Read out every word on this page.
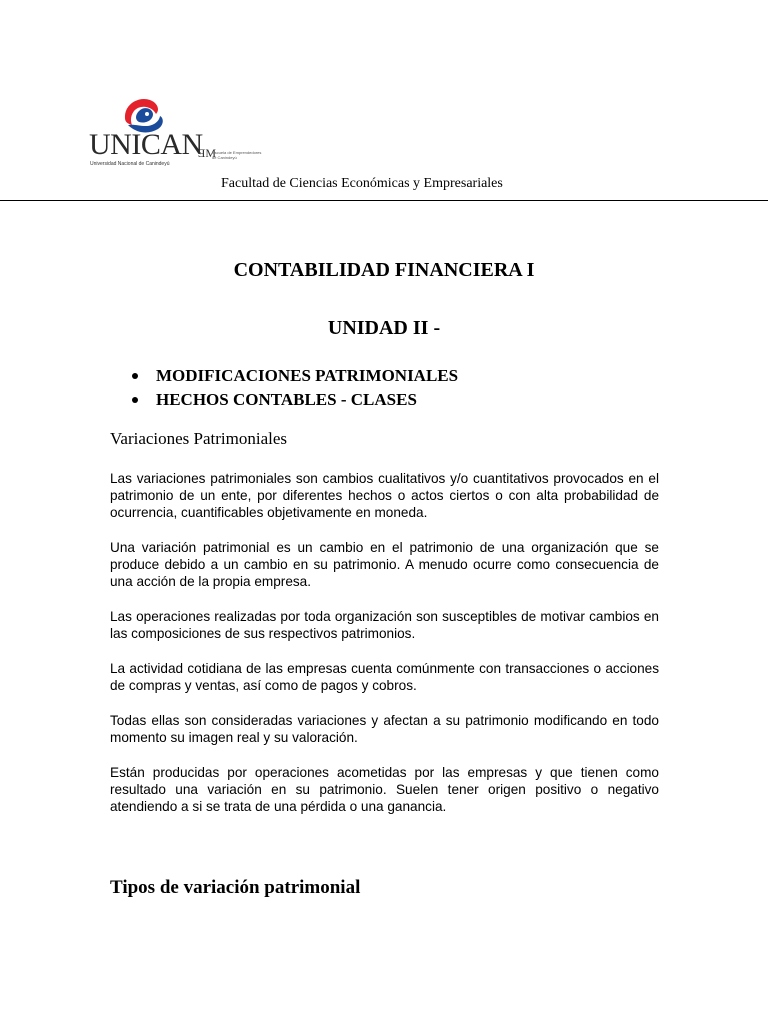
UNICAN
Universidad Nacional de Canindeyú
ƎM
Escuela de Emprendedores
de Canindeyú
Facultad de Ciencias Económicas y Empresariales
CONTABILIDAD FINANCIERA I
UNIDAD II -
MODIFICACIONES PATRIMONIALES
HECHOS CONTABLES - CLASES
Variaciones Patrimoniales

Las variaciones patrimoniales son cambios cualitativos y/o cuantitativos provocados en el patrimonio de un ente, por diferentes hechos o actos ciertos o con alta probabilidad de ocurrencia, cuantificables objetivamente en moneda.

Una variación patrimonial es un cambio en el patrimonio de una organización que se produce debido a un cambio en su patrimonio. A menudo ocurre como consecuencia de una acción de la propia empresa.

Las operaciones realizadas por toda organización son susceptibles de motivar cambios en las composiciones de sus respectivos patrimonios.

La actividad cotidiana de las empresas cuenta comúnmente con transacciones o acciones de compras y ventas, así como de pagos y cobros.

Todas ellas son consideradas variaciones y afectan a su patrimonio modificando en todo momento su imagen real y su valoración.

Están producidas por operaciones acometidas por las empresas y que tienen como resultado una variación en su patrimonio. Suelen tener origen positivo o negativo atendiendo a si se trata de una pérdida o una ganancia.

Tipos de variación patrimonial
